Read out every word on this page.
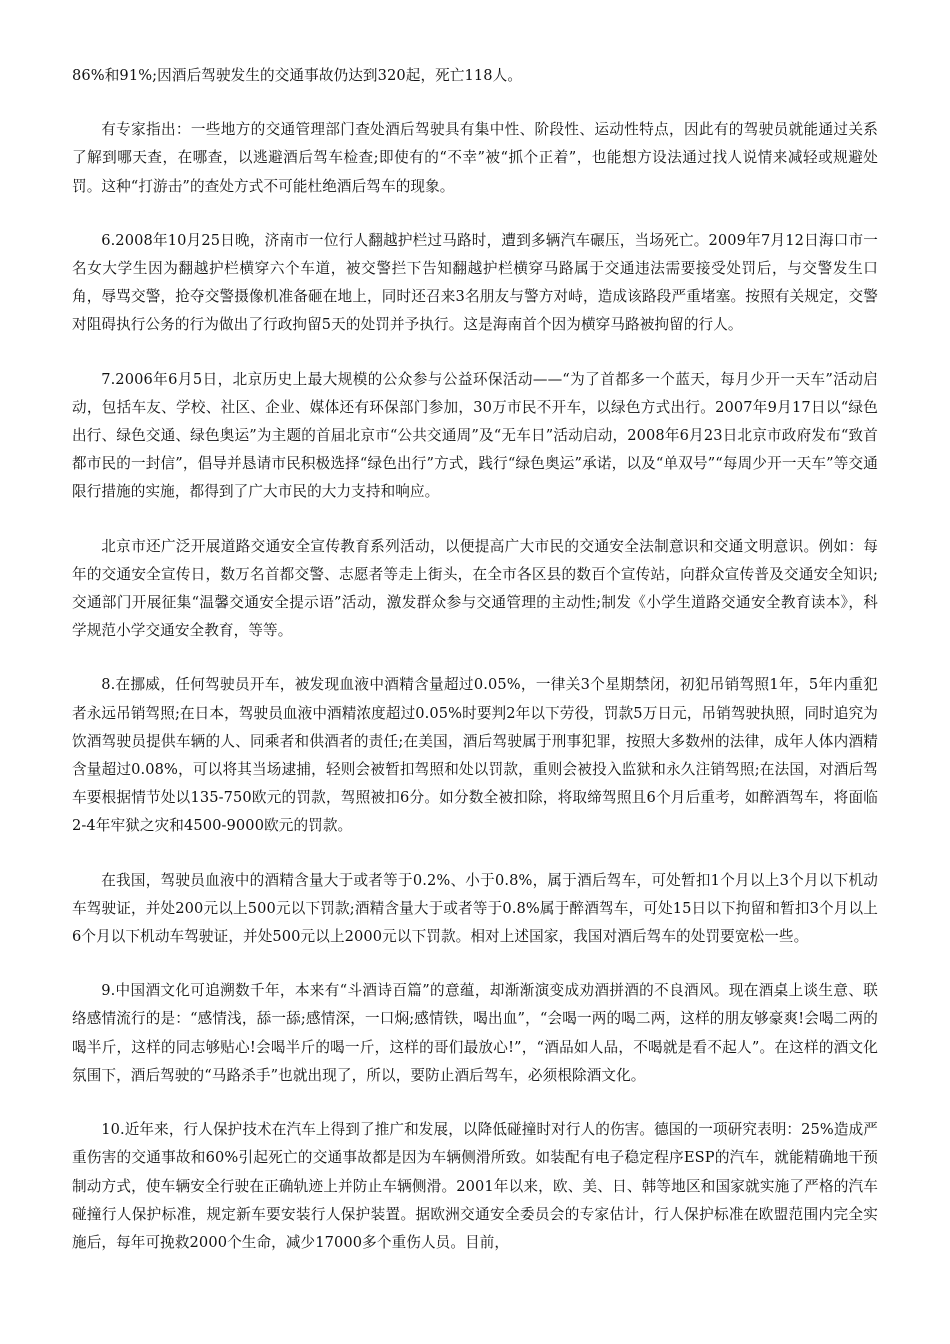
86%和91%;因酒后驾驶发生的交通事故仍达到320起，死亡118人。

有专家指出：一些地方的交通管理部门查处酒后驾驶具有集中性、阶段性、运动性特点，因此有的驾驶员就能通过关系了解到哪天查，在哪查，以逃避酒后驾车检查;即使有的“不幸”被“抓个正着”，也能想方设法通过找人说情来减轻或规避处罚。这种“打游击”的查处方式不可能杜绝酒后驾车的现象。

6.2008年10月25日晚，济南市一位行人翻越护栏过马路时，遭到多辆汽车碾压，当场死亡。2009年7月12日海口市一名女大学生因为翻越护栏横穿六个车道，被交警拦下告知翻越护栏横穿马路属于交通违法需要接受处罚后，与交警发生口角，辱骂交警，抢夺交警摄像机准备砸在地上，同时还召来3名朋友与警方对峙，造成该路段严重堵塞。按照有关规定，交警对阻碍执行公务的行为做出了行政拘留5天的处罚并予执行。这是海南首个因为横穿马路被拘留的行人。

7.2006年6月5日，北京历史上最大规模的公众参与公益环保活动——“为了首都多一个蓝天，每月少开一天车”活动启动，包括车友、学校、社区、企业、媒体还有环保部门参加，30万市民不开车，以绿色方式出行。2007年9月17日以“绿色出行、绿色交通、绿色奥运”为主题的首届北京市“公共交通周”及“无车日”活动启动，2008年6月23日北京市政府发布“致首都市民的一封信”，倡导并恳请市民积极选择“绿色出行”方式，践行“绿色奥运”承诺，以及“单双号”“每周少开一天车”等交通限行措施的实施，都得到了广大市民的大力支持和响应。

北京市还广泛开展道路交通安全宣传教育系列活动，以便提高广大市民的交通安全法制意识和交通文明意识。例如：每年的交通安全宣传日，数万名首都交警、志愿者等走上街头，在全市各区县的数百个宣传站，向群众宣传普及交通安全知识;交通部门开展征集“温馨交通安全提示语”活动，激发群众参与交通管理的主动性;制发《小学生道路交通安全教育读本》，科学规范小学交通安全教育，等等。

8.在挪威，任何驾驶员开车，被发现血液中酒精含量超过0.05%，一律关3个星期禁闭，初犯吊销驾照1年，5年内重犯者永远吊销驾照;在日本，驾驶员血液中酒精浓度超过0.05%时要判2年以下劳役，罚款5万日元，吊销驾驶执照，同时追究为饮酒驾驶员提供车辆的人、同乘者和供酒者的责任;在美国，酒后驾驶属于刑事犯罪，按照大多数州的法律，成年人体内酒精含量超过0.08%，可以将其当场逮捕，轻则会被暂扣驾照和处以罚款，重则会被投入监狱和永久注销驾照;在法国，对酒后驾车要根据情节处以135-750欧元的罚款，驾照被扣6分。如分数全被扣除，将取缔驾照且6个月后重考，如醉酒驾车，将面临2-4年牢狱之灾和4500-9000欧元的罚款。

在我国，驾驶员血液中的酒精含量大于或者等于0.2%、小于0.8%，属于酒后驾车，可处暂扣1个月以上3个月以下机动车驾驶证，并处200元以上500元以下罚款;酒精含量大于或者等于0.8%属于醉酒驾车，可处15日以下拘留和暂扣3个月以上6个月以下机动车驾驶证，并处500元以上2000元以下罚款。相对上述国家，我国对酒后驾车的处罚要宽松一些。

9.中国酒文化可追溯数千年，本来有“斗酒诗百篇”的意蕴，却渐渐演变成劝酒拼酒的不良酒风。现在酒桌上谈生意、联络感情流行的是：“感情浅，舔一舔;感情深，一口焖;感情铁，喝出血”，“会喝一两的喝二两，这样的朋友够豪爽!会喝二两的喝半斤，这样的同志够贴心!会喝半斤的喝一斤，这样的哥们最放心!”，“酒品如人品，不喝就是看不起人”。在这样的酒文化氛围下，酒后驾驶的“马路杀手”也就出现了，所以，要防止酒后驾车，必须根除酒文化。

10.近年来，行人保护技术在汽车上得到了推广和发展，以降低碰撞时对行人的伤害。德国的一项研究表明：25%造成严重伤害的交通事故和60%引起死亡的交通事故都是因为车辆侧滑所致。如装配有电子稳定程序ESP的汽车，就能精确地干预制动方式，使车辆安全行驶在正确轨迹上并防止车辆侧滑。2001年以来，欧、美、日、韩等地区和国家就实施了严格的汽车碰撞行人保护标准，规定新车要安装行人保护装置。据欧洲交通安全委员会的专家估计，行人保护标准在欧盟范围内完全实施后，每年可挽救2000个生命，减少17000多个重伤人员。目前，
